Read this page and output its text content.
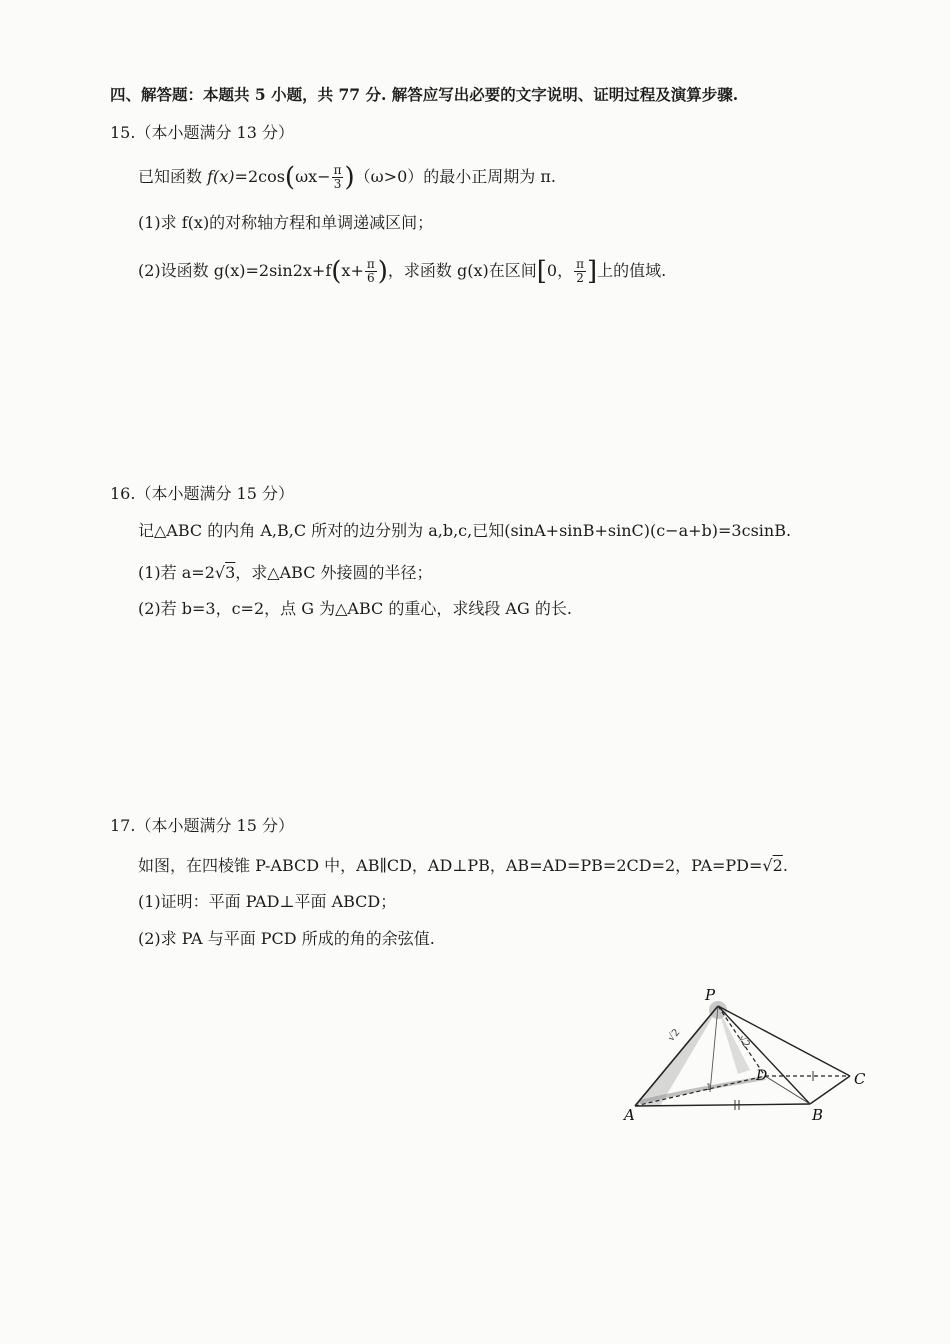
四、解答题：本题共 5 小题，共 77 分. 解答应写出必要的文字说明、证明过程及演算步骤.
15.（本小题满分 13 分）
已知函数 $f(x)=2\cos(\omega x- \frac{\pi}{3} )(\omega>0)$的最小正周期为 π.
(1)求 f(x)的对称轴方程和单调递减区间；
(2)设函数 $g(x)=2\sin 2x+f(x+ \frac{\pi}{6}$ )，求函数 g(x)在区间[0， $\frac{\pi}{2}$ ]上的值域.
16.（本小题满分 15 分）
记△ABC 的内角 A,B,C 所对的边分别为 a,b,c,已知(sinA+sinB+sinC)(c−a+b)=3csinB.
(1)若 a=2√3，求△ABC 外接圆的半径；
(2)若 b=3，c=2，点 G 为△ABC 的重心，求线段 AG 的长.
17.（本小题满分 15 分）
如图，在四棱锥 P-ABCD 中，AB∥CD，AD⊥PB，AB=AD=PB=2CD=2，PA=PD=√2.
(1)证明：平面 PAD⊥平面 ABCD；
(2)求 PA 与平面 PCD 所成的角的余弦值.
P
A	B
C
D
√2	√2
1
